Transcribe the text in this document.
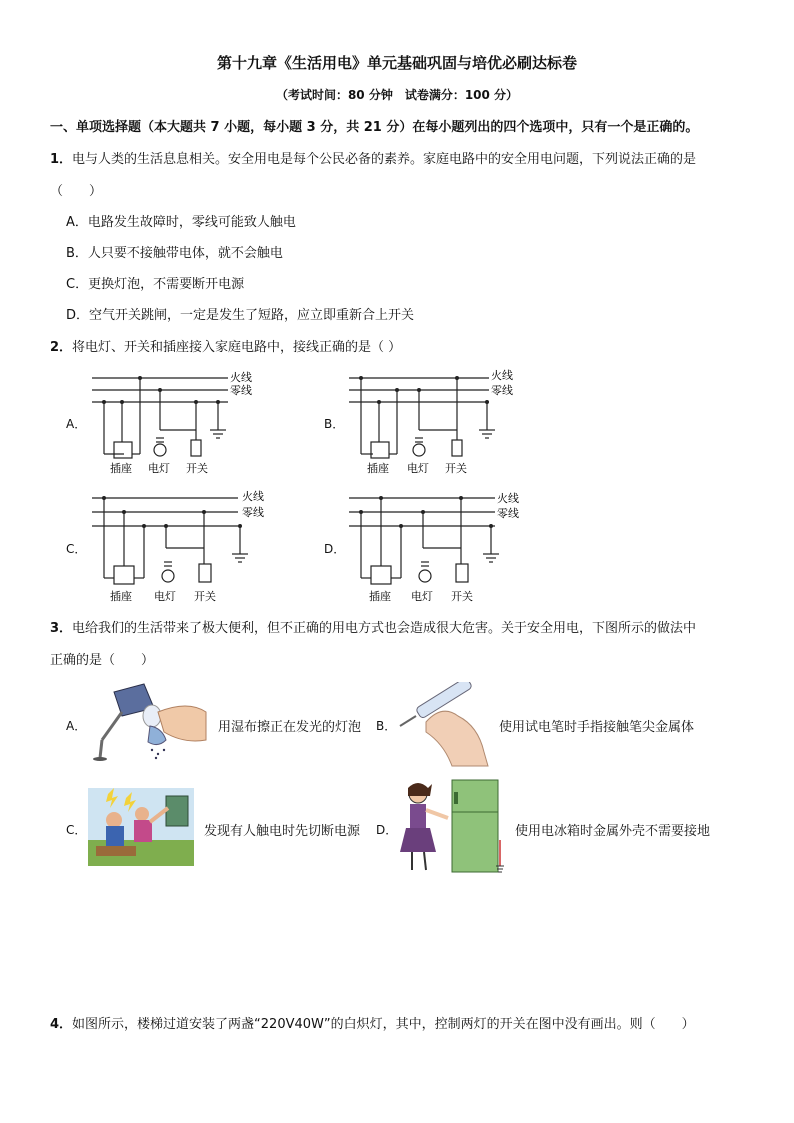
第十九章《生活用电》单元基础巩固与培优必刷达标卷
（考试时间：80 分钟　试卷满分：100 分）
一、单项选择题（本大题共 7 小题，每小题 3 分，共 21 分）在每小题列出的四个选项中，只有一个是正确的。
1．电与人类的生活息息相关。安全用电是每个公民必备的素养。家庭电路中的安全用电问题，下列说法正确的是
（　　）
A．电路发生故障时，零线可能致人触电
B．人只要不接触带电体，就不会触电
C．更换灯泡，不需要断开电源
D．空气开关跳闸，一定是发生了短路，应立即重新合上开关
2．将电灯、开关和插座接入家庭电路中，接线正确的是（ ）
A．	B．
C．	D．
火线
零线
插座 电灯 开关
火线
零线
插座 电灯 开关
火线
零线
插座 电灯 开关
火线
零线
插座 电灯 开关
3．电给我们的生活带来了极大便利，但不正确的用电方式也会造成很大危害。关于安全用电，下图所示的做法中
正确的是（　　）
A．	用湿布擦正在发光的灯泡 B．	使用试电笔时手指接触笔尖金属体
C．	发现有人触电时先切断电源 D．	使用电冰箱时金属外壳不需要接地
4．如图所示，楼梯过道安装了两盏“220V40W”的白炽灯，其中，控制两灯的开关在图中没有画出。则（　　）
